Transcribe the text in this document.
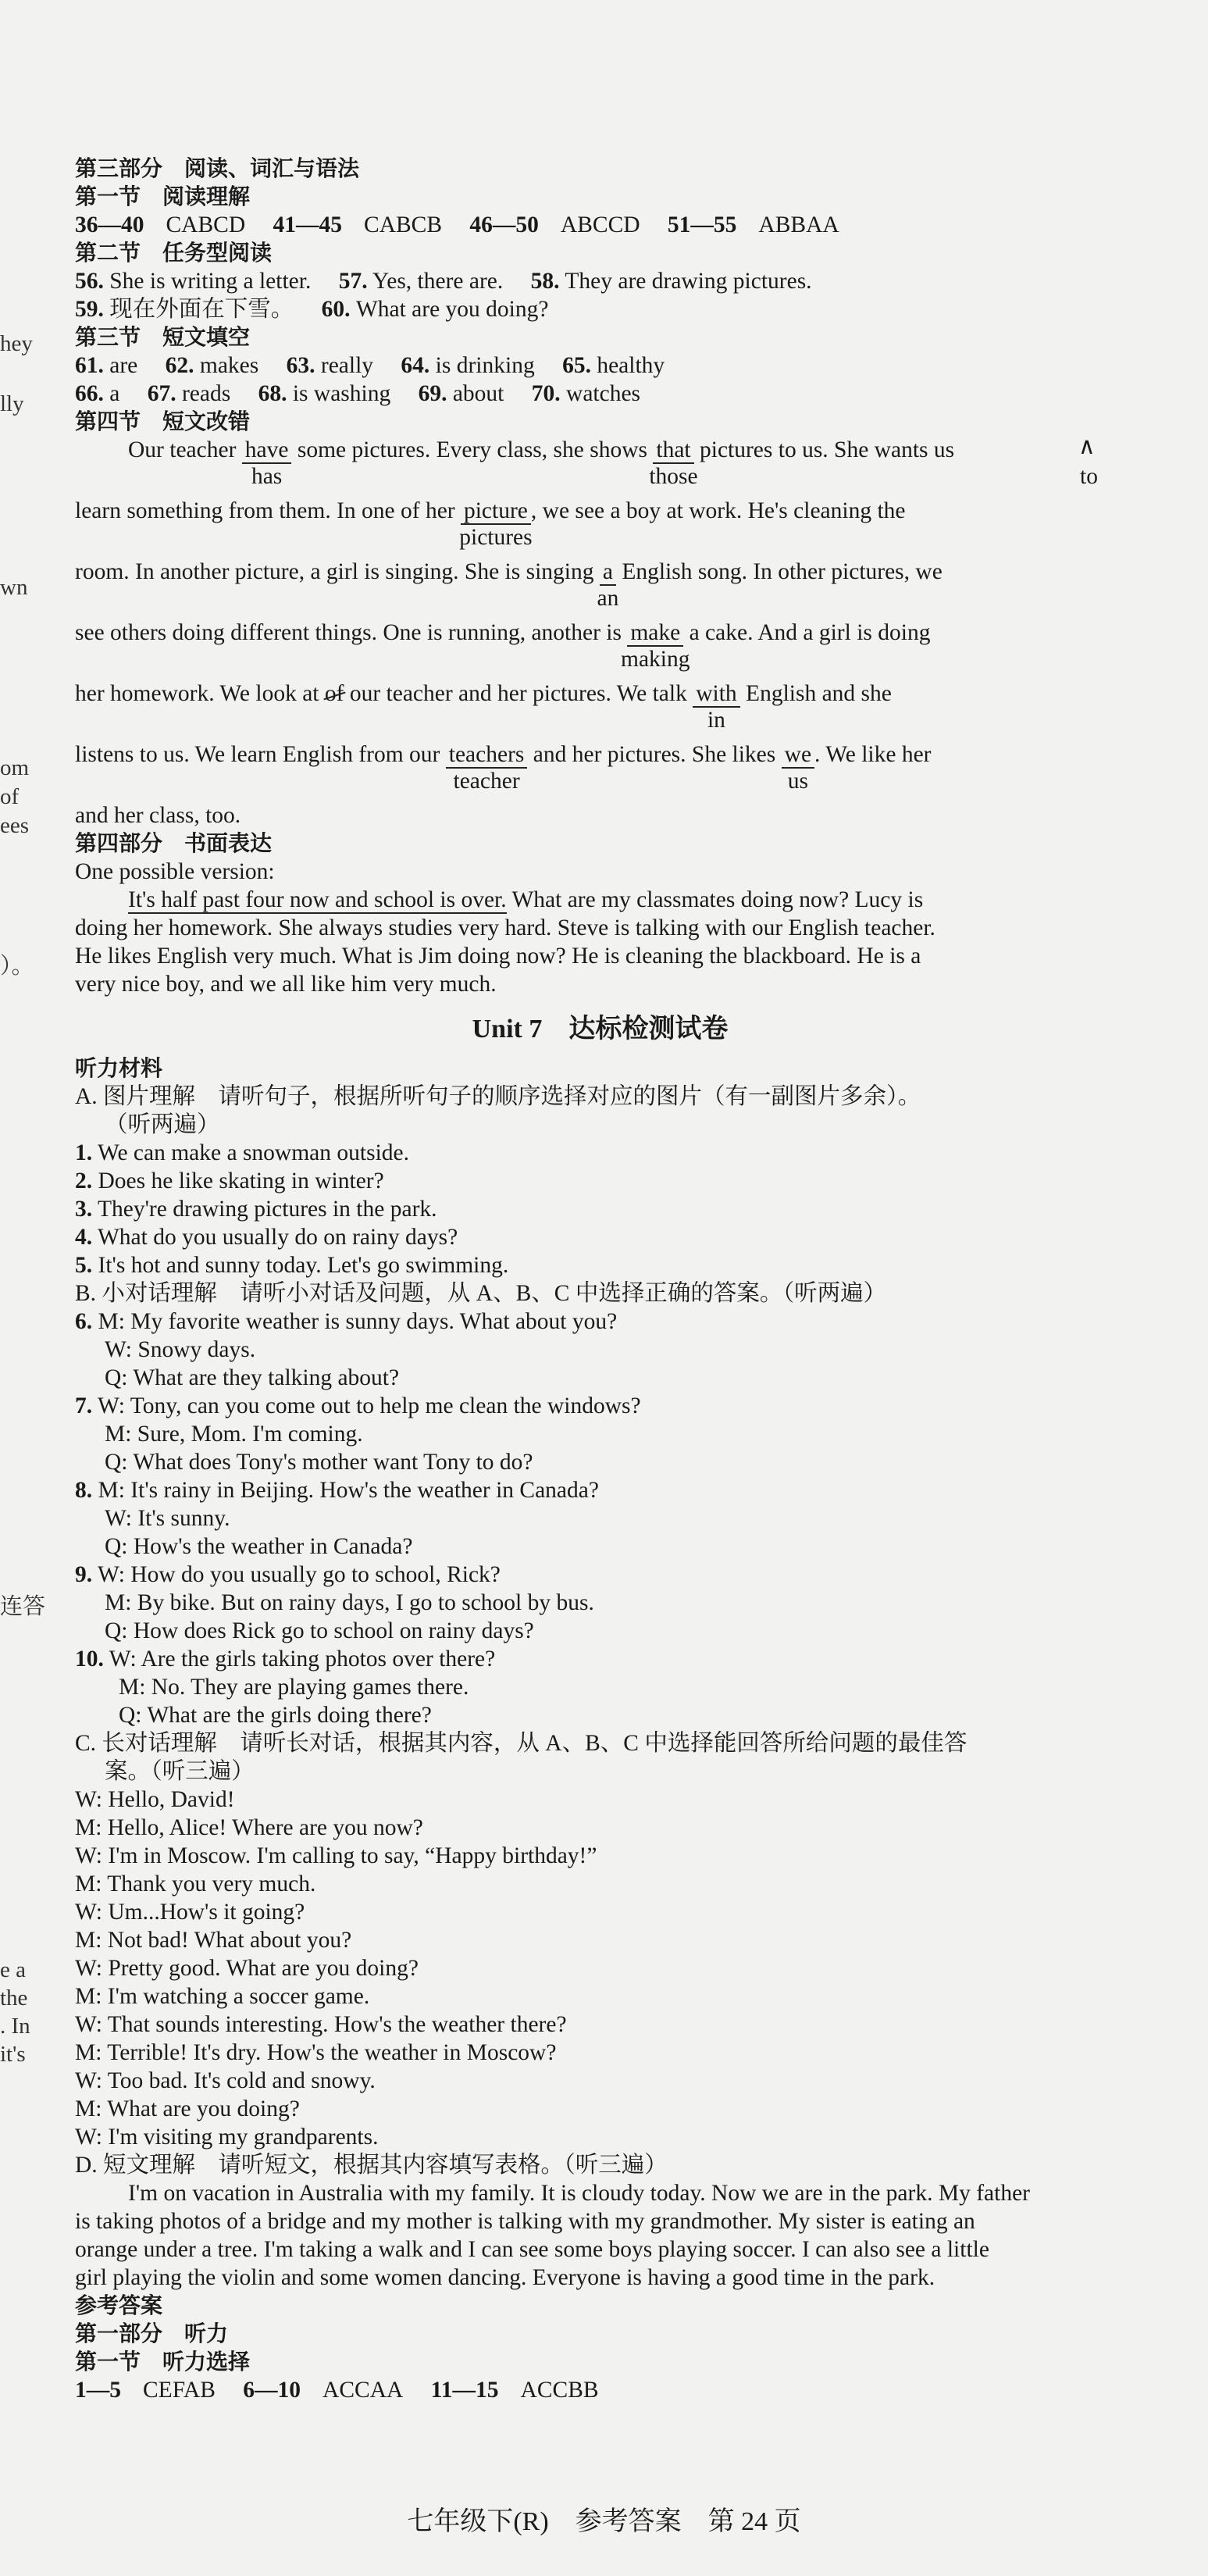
hey
lly
wn
om
of
ees
）。
连答
e a
the
. In
it's
第三部分　阅读、词汇与语法
第一节　阅读理解
36—40 CABCD 41—45 CABCB 46—50 ABCCD 51—55 ABBAA
第二节　任务型阅读
56. She is writing a letter. 57. Yes, there are. 58. They are drawing pictures.
59. 现在外面在下雪。 60. What are you doing?
第三节　短文填空
61. are 62. makes 63. really 64. is drinking 65. healthy
66. a 67. reads 68. is washing 69. about 70. watches
第四节　短文改错
Our teacher have
has
some pictures. Every class, she shows that
those
pictures to us. She wants us	∧
to
learn something from them. In one of her picture
pictures
, we see a boy at work. He's cleaning the
room. In another picture, a girl is singing. She is singing $\frac{a}{an}$ English song. In other pictures, we
see others doing different things. One is running, another is make
making
a cake. And a girl is doing
her homework. We look at of our teacher and her pictures. We talk with
in
English and she
listens to us. We learn English from our teachers
teacher
and her pictures. She likes $\frac{we}{us}$ . We like her
and her class, too.
第四部分　书面表达
One possible version:
It's half past four now and school is over. What are my classmates doing now? Lucy is
doing her homework. She always studies very hard. Steve is talking with our English teacher.
He likes English very much. What is Jim doing now? He is cleaning the blackboard. He is a
very nice boy, and we all like him very much.
Unit 7　达标检测试卷
听力材料
A. 图片理解　请听句子，根据所听句子的顺序选择对应的图片（有一副图片多余）。
（听两遍）
1. We can make a snowman outside.
2. Does he like skating in winter?
3. They're drawing pictures in the park.
4. What do you usually do on rainy days?
5. It's hot and sunny today. Let's go swimming.
B. 小对话理解　请听小对话及问题，从 A、B、C 中选择正确的答案。（听两遍）
6. M: My favorite weather is sunny days. What about you?
W: Snowy days.
Q: What are they talking about?
7. W: Tony, can you come out to help me clean the windows?
M: Sure, Mom. I'm coming.
Q: What does Tony's mother want Tony to do?
8. M: It's rainy in Beijing. How's the weather in Canada?
W: It's sunny.
Q: How's the weather in Canada?
9. W: How do you usually go to school, Rick?
M: By bike. But on rainy days, I go to school by bus.
Q: How does Rick go to school on rainy days?
10. W: Are the girls taking photos over there?
M: No. They are playing games there.
Q: What are the girls doing there?
C. 长对话理解　请听长对话，根据其内容，从 A、B、C 中选择能回答所给问题的最佳答
案。（听三遍）
W: Hello, David!
M: Hello, Alice! Where are you now?
W: I'm in Moscow. I'm calling to say, “Happy birthday!”
M: Thank you very much.
W: Um...How's it going?
M: Not bad! What about you?
W: Pretty good. What are you doing?
M: I'm watching a soccer game.
W: That sounds interesting. How's the weather there?
M: Terrible! It's dry. How's the weather in Moscow?
W: Too bad. It's cold and snowy.
M: What are you doing?
W: I'm visiting my grandparents.
D. 短文理解　请听短文，根据其内容填写表格。（听三遍）
I'm on vacation in Australia with my family. It is cloudy today. Now we are in the park. My father
is taking photos of a bridge and my mother is talking with my grandmother. My sister is eating an
orange under a tree. I'm taking a walk and I can see some boys playing soccer. I can also see a little
girl playing the violin and some women dancing. Everyone is having a good time in the park.
参考答案
第一部分　听力
第一节　听力选择
1—5 CEFAB 6—10 ACCAA 11—15 ACCBB
七年级下(R)　参考答案　第 24 页
